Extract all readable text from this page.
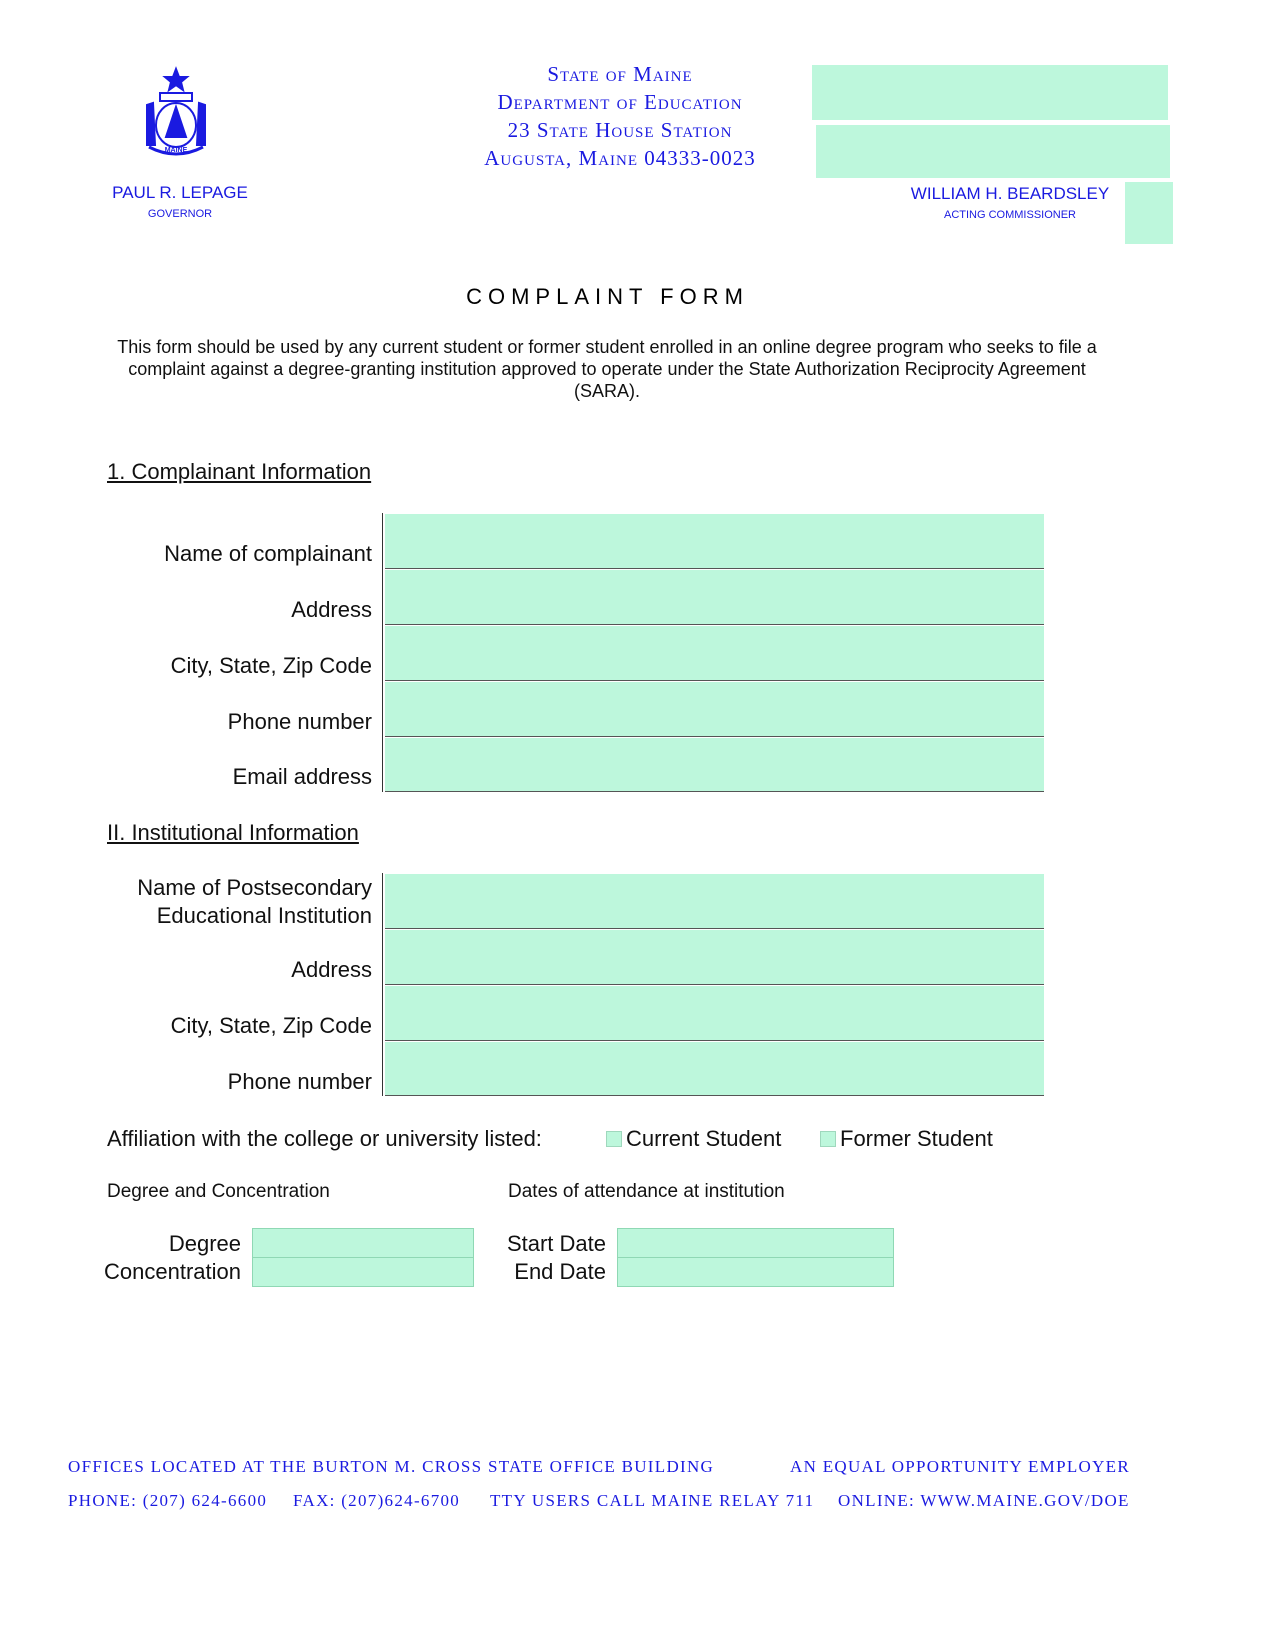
MAINE
State of Maine
Department of Education
23 State House Station
Augusta, Maine 04333-0023
PAUL R. LEPAGE
GOVERNOR
WILLIAM H. BEARDSLEY
ACTING COMMISSIONER
COMPLAINT FORM
This form should be used by any current student or former student enrolled in an online degree program who seeks to file a complaint against a degree-granting institution approved to operate under the State Authorization Reciprocity Agreement (SARA).
1. Complainant Information
Name of complainant
Address
City, State, Zip Code
Phone number
Email address
II. Institutional Information
Name of Postsecondary
Educational Institution
Address
City, State, Zip Code
Phone number
Affiliation with the college or university listed:	Current Student	Former Student
Degree and Concentration	Dates of attendance at institution
Degree
Concentration
Start Date
End Date
OFFICES LOCATED AT THE BURTON M. CROSS STATE OFFICE BUILDING	AN EQUAL OPPORTUNITY EMPLOYER
PHONE: (207) 624-6600 FAX: (207)624-6700 TTY USERS CALL MAINE RELAY 711 ONLINE: WWW.MAINE.GOV/DOE
